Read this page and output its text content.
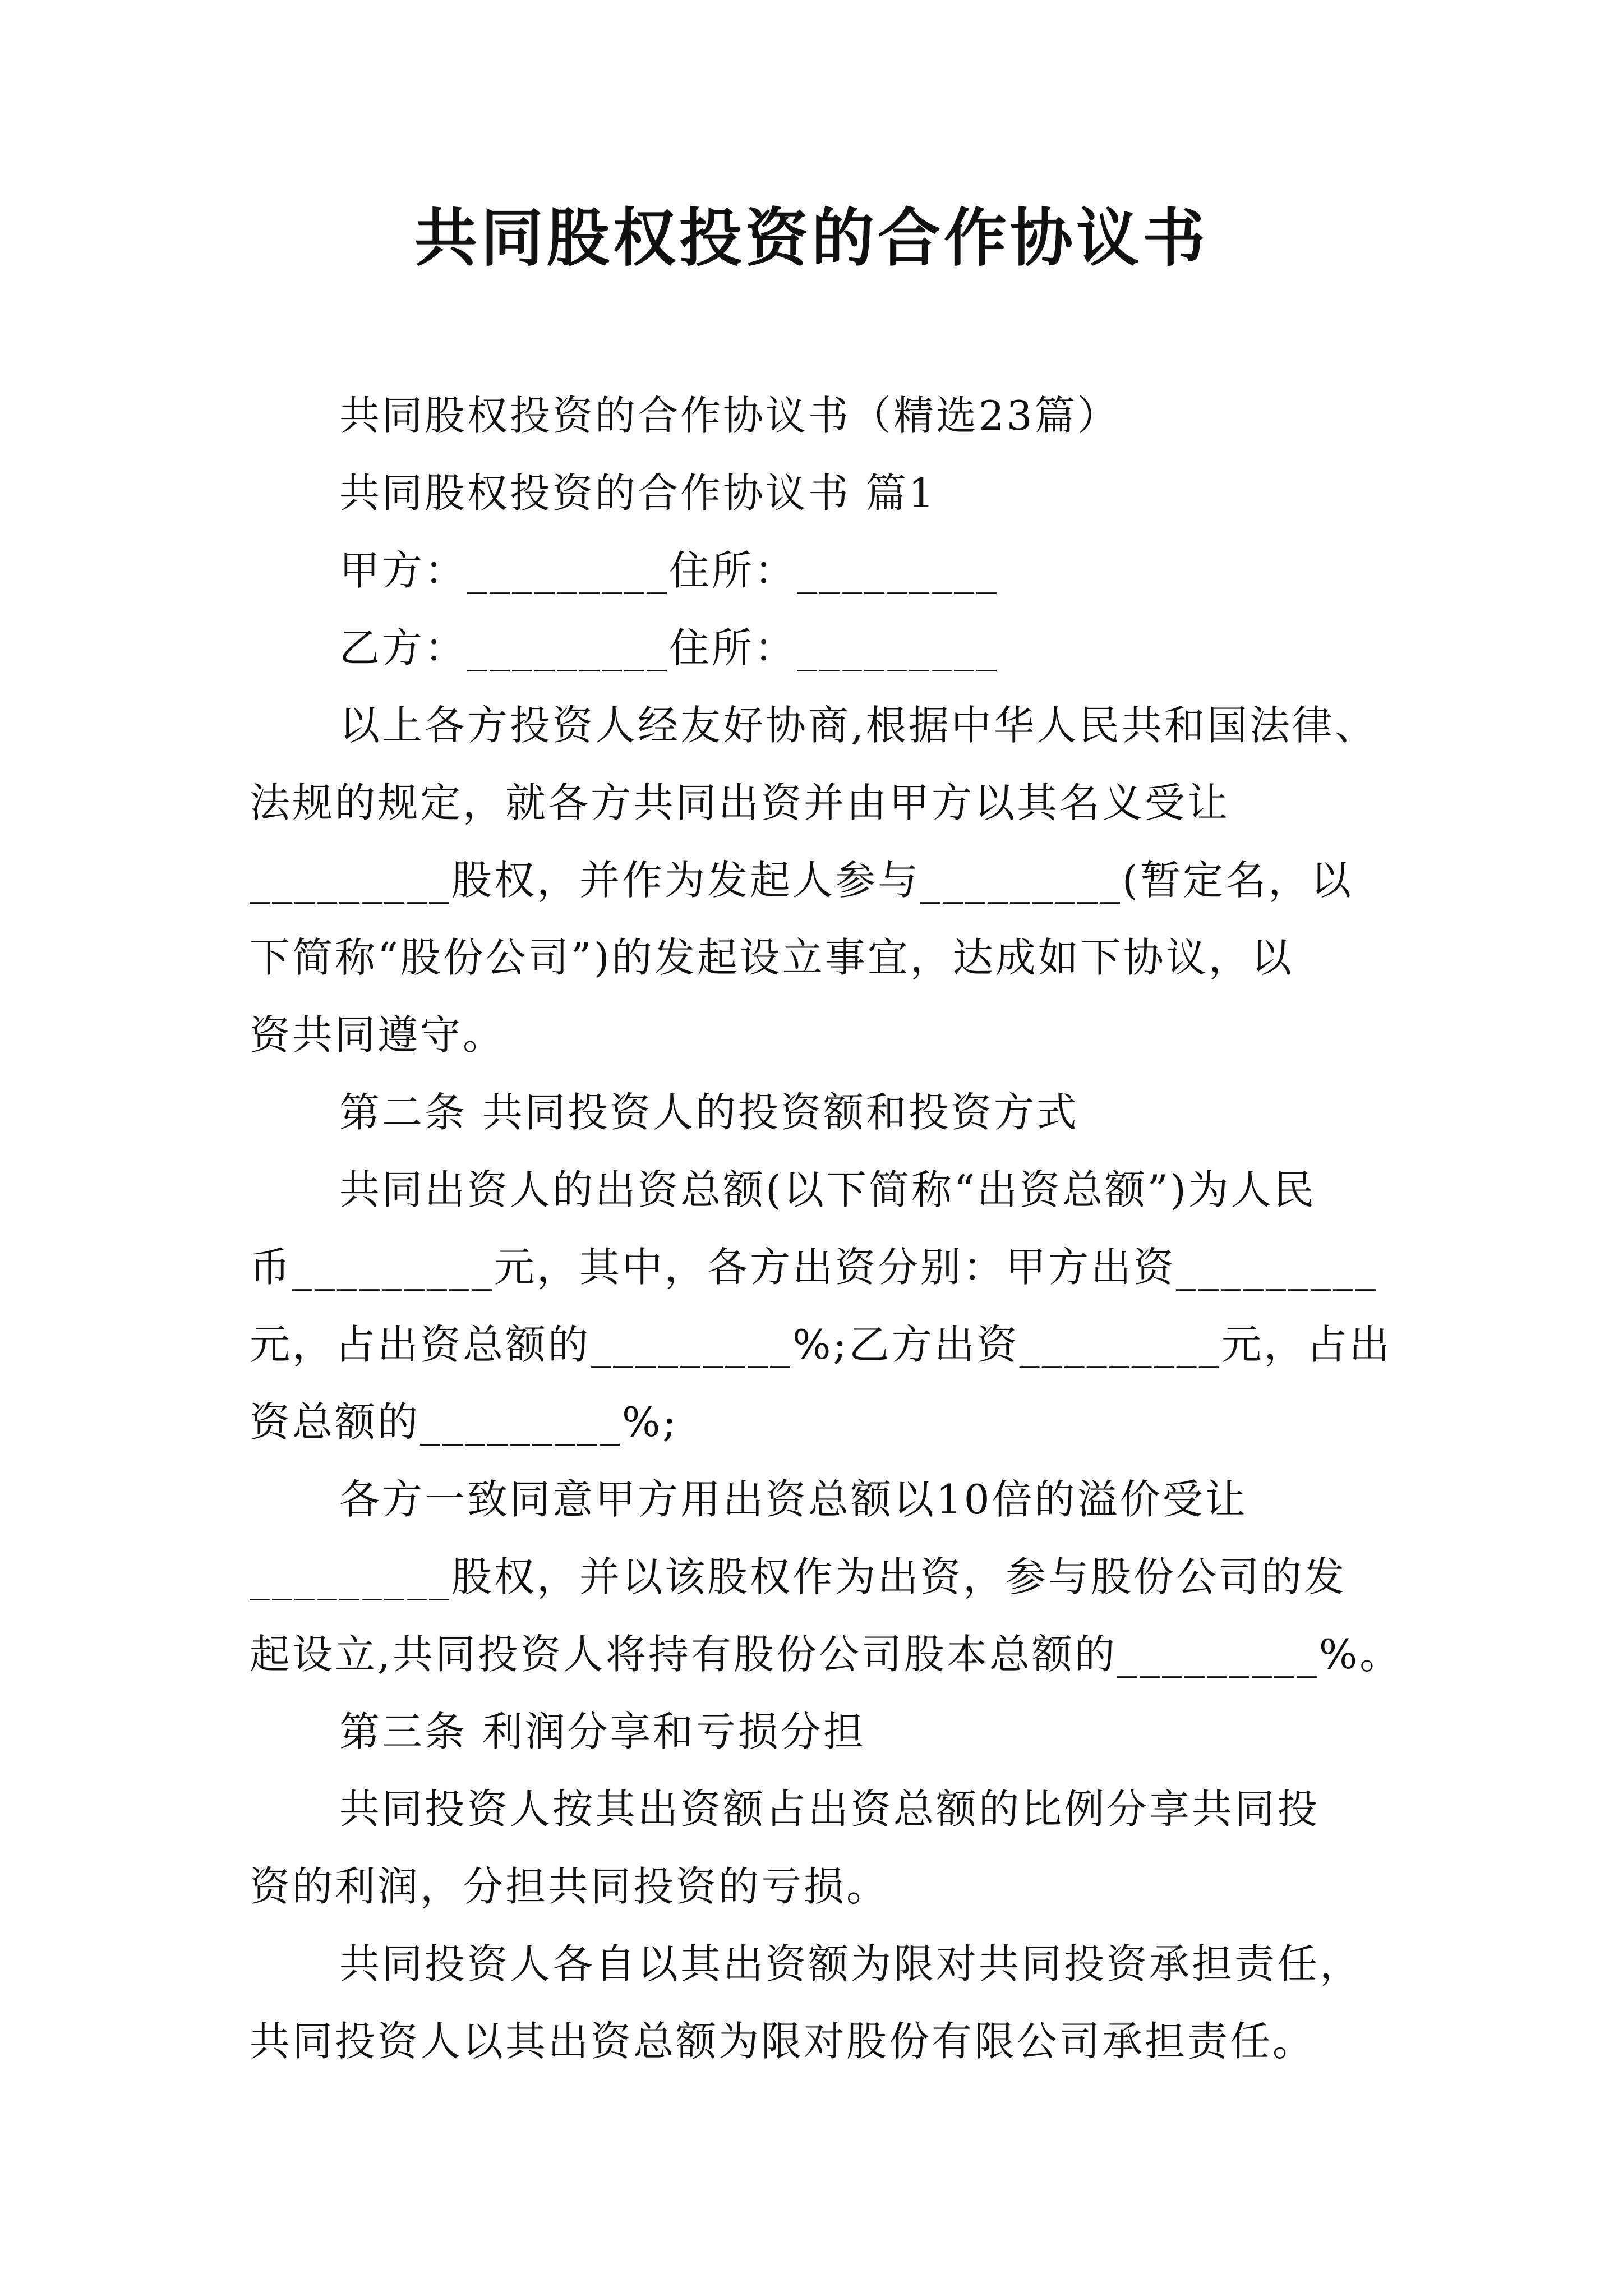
共同股权投资的合作协议书
共同股权投资的合作协议书（精选23篇）
共同股权投资的合作协议书 篇1
甲方：_________住所：_________
乙方：_________住所：_________
以上各方投资人经友好协商,根据中华人民共和国法律、
法规的规定，就各方共同出资并由甲方以其名义受让
_________股权，并作为发起人参与_________(暂定名，以
下简称“股份公司”)的发起设立事宜，达成如下协议，以
资共同遵守。
第二条 共同投资人的投资额和投资方式
共同出资人的出资总额(以下简称“出资总额”)为人民
币_________元，其中，各方出资分别：甲方出资_________
元，占出资总额的_________%;乙方出资_________元，占出
资总额的_________%;
各方一致同意甲方用出资总额以10倍的溢价受让
_________股权，并以该股权作为出资，参与股份公司的发
起设立,共同投资人将持有股份公司股本总额的_________%。
第三条 利润分享和亏损分担
共同投资人按其出资额占出资总额的比例分享共同投
资的利润，分担共同投资的亏损。
共同投资人各自以其出资额为限对共同投资承担责任，
共同投资人以其出资总额为限对股份有限公司承担责任。
